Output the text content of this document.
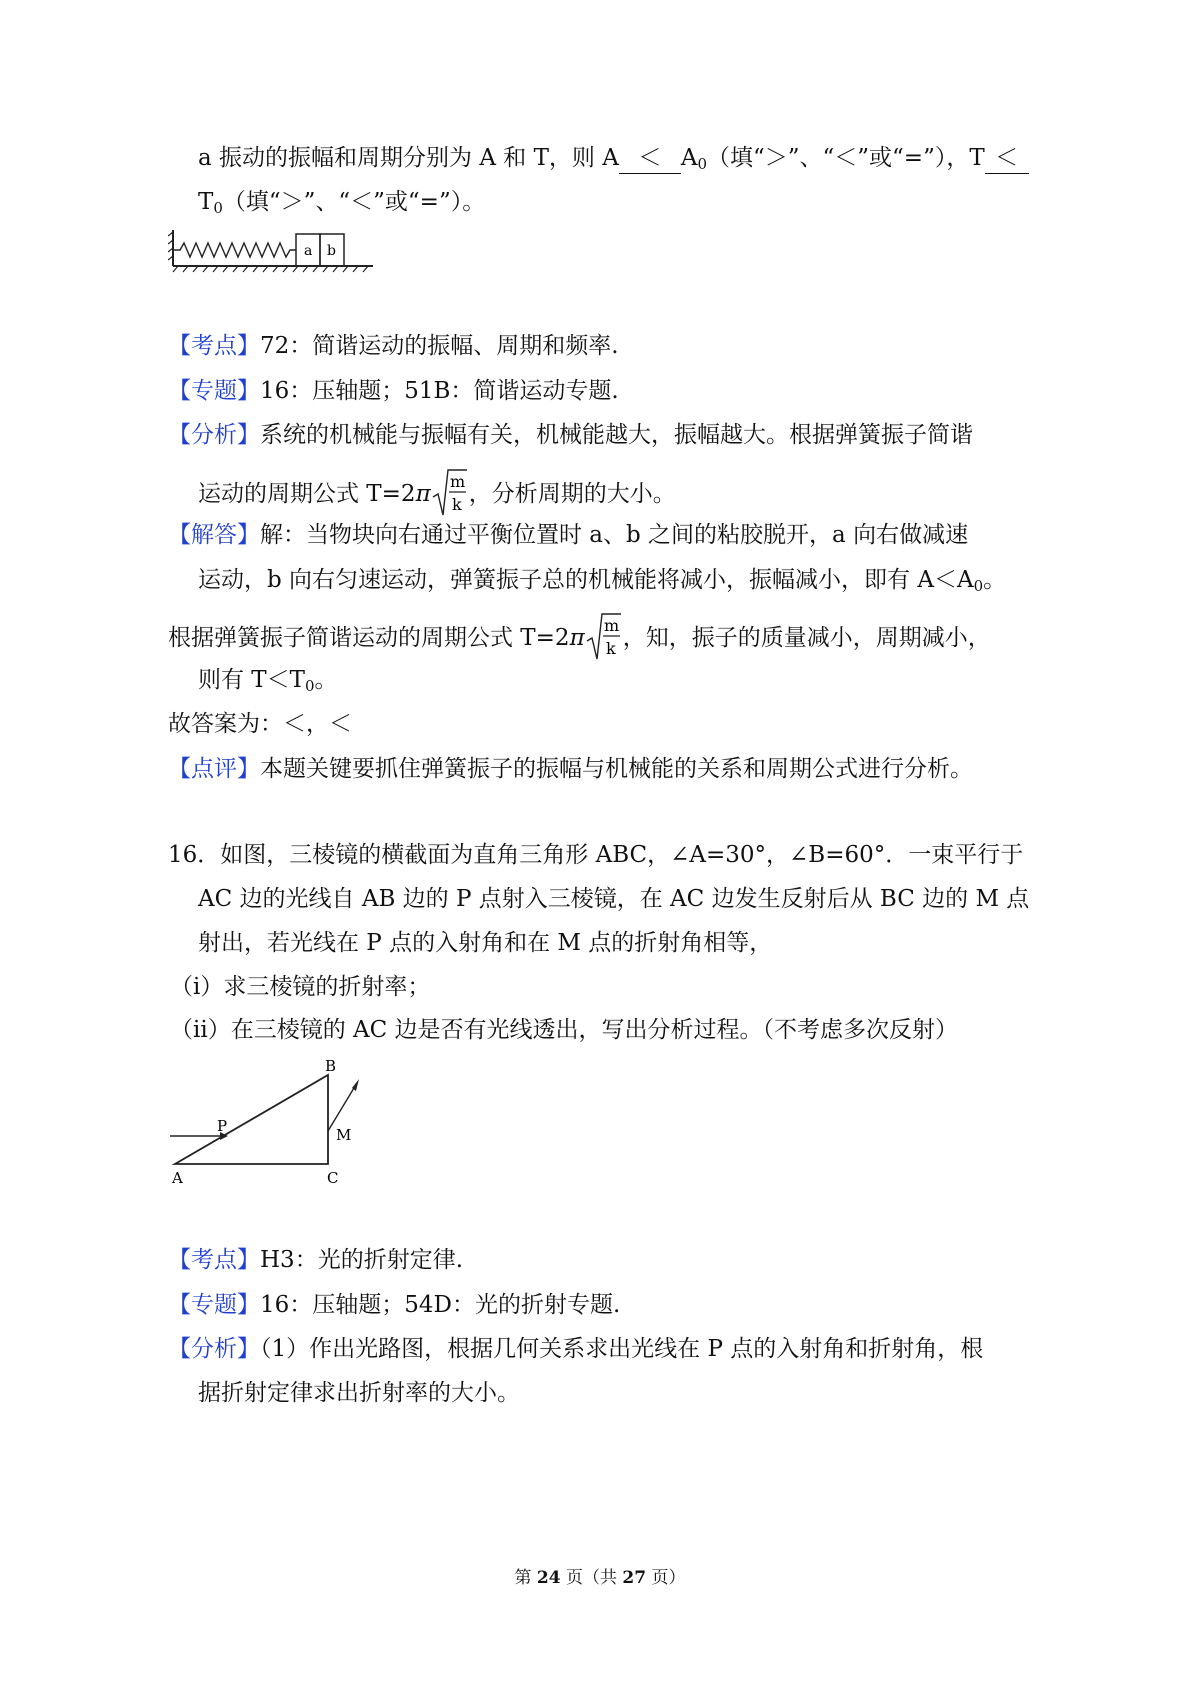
a 振动的振幅和周期分别为 A 和 T，则 $A < A_0$（填“＞”、“＜”或“=”），T ＜
$T_0$（填“＞”、“＜”或“=”）。
a b
【考点】72：简谐运动的振幅、周期和频率.
【专题】16：压轴题；51B：简谐运动专题.
【分析】系统的机械能与振幅有关，机械能越大，振幅越大。根据弹簧振子简谐
运动的周期公式 T=2π m
k ，分析周期的大小。
【解答】解：当物块向右通过平衡位置时 a、b 之间的粘胶脱开，a 向右做减速
运动，b 向右匀速运动，弹簧振子总的机械能将减小，振幅减小，即有 $A<A_0$。
根据弹簧振子简谐运动的周期公式 T=2π m
k ，知，振子的质量减小，周期减小，
则有 $T<T_0$。
故答案为：＜，＜
【点评】本题关键要抓住弹簧振子的振幅与机械能的关系和周期公式进行分析。
16．如图，三棱镜的横截面为直角三角形 ABC，∠A=30°，∠B=60°．一束平行于
AC 边的光线自 AB 边的 P 点射入三棱镜，在 AC 边发生反射后从 BC 边的 M 点
射出，若光线在 P 点的入射角和在 M 点的折射角相等，
（i）求三棱镜的折射率；
（ii）在三棱镜的 AC 边是否有光线透出，写出分析过程。（不考虑多次反射）
A
B
C
P	M
【考点】H3：光的折射定律.
【专题】16：压轴题；54D：光的折射专题.
【分析】（1）作出光路图，根据几何关系求出光线在 P 点的入射角和折射角，根
据折射定律求出折射率的大小。
第 24 页（共 27 页）
